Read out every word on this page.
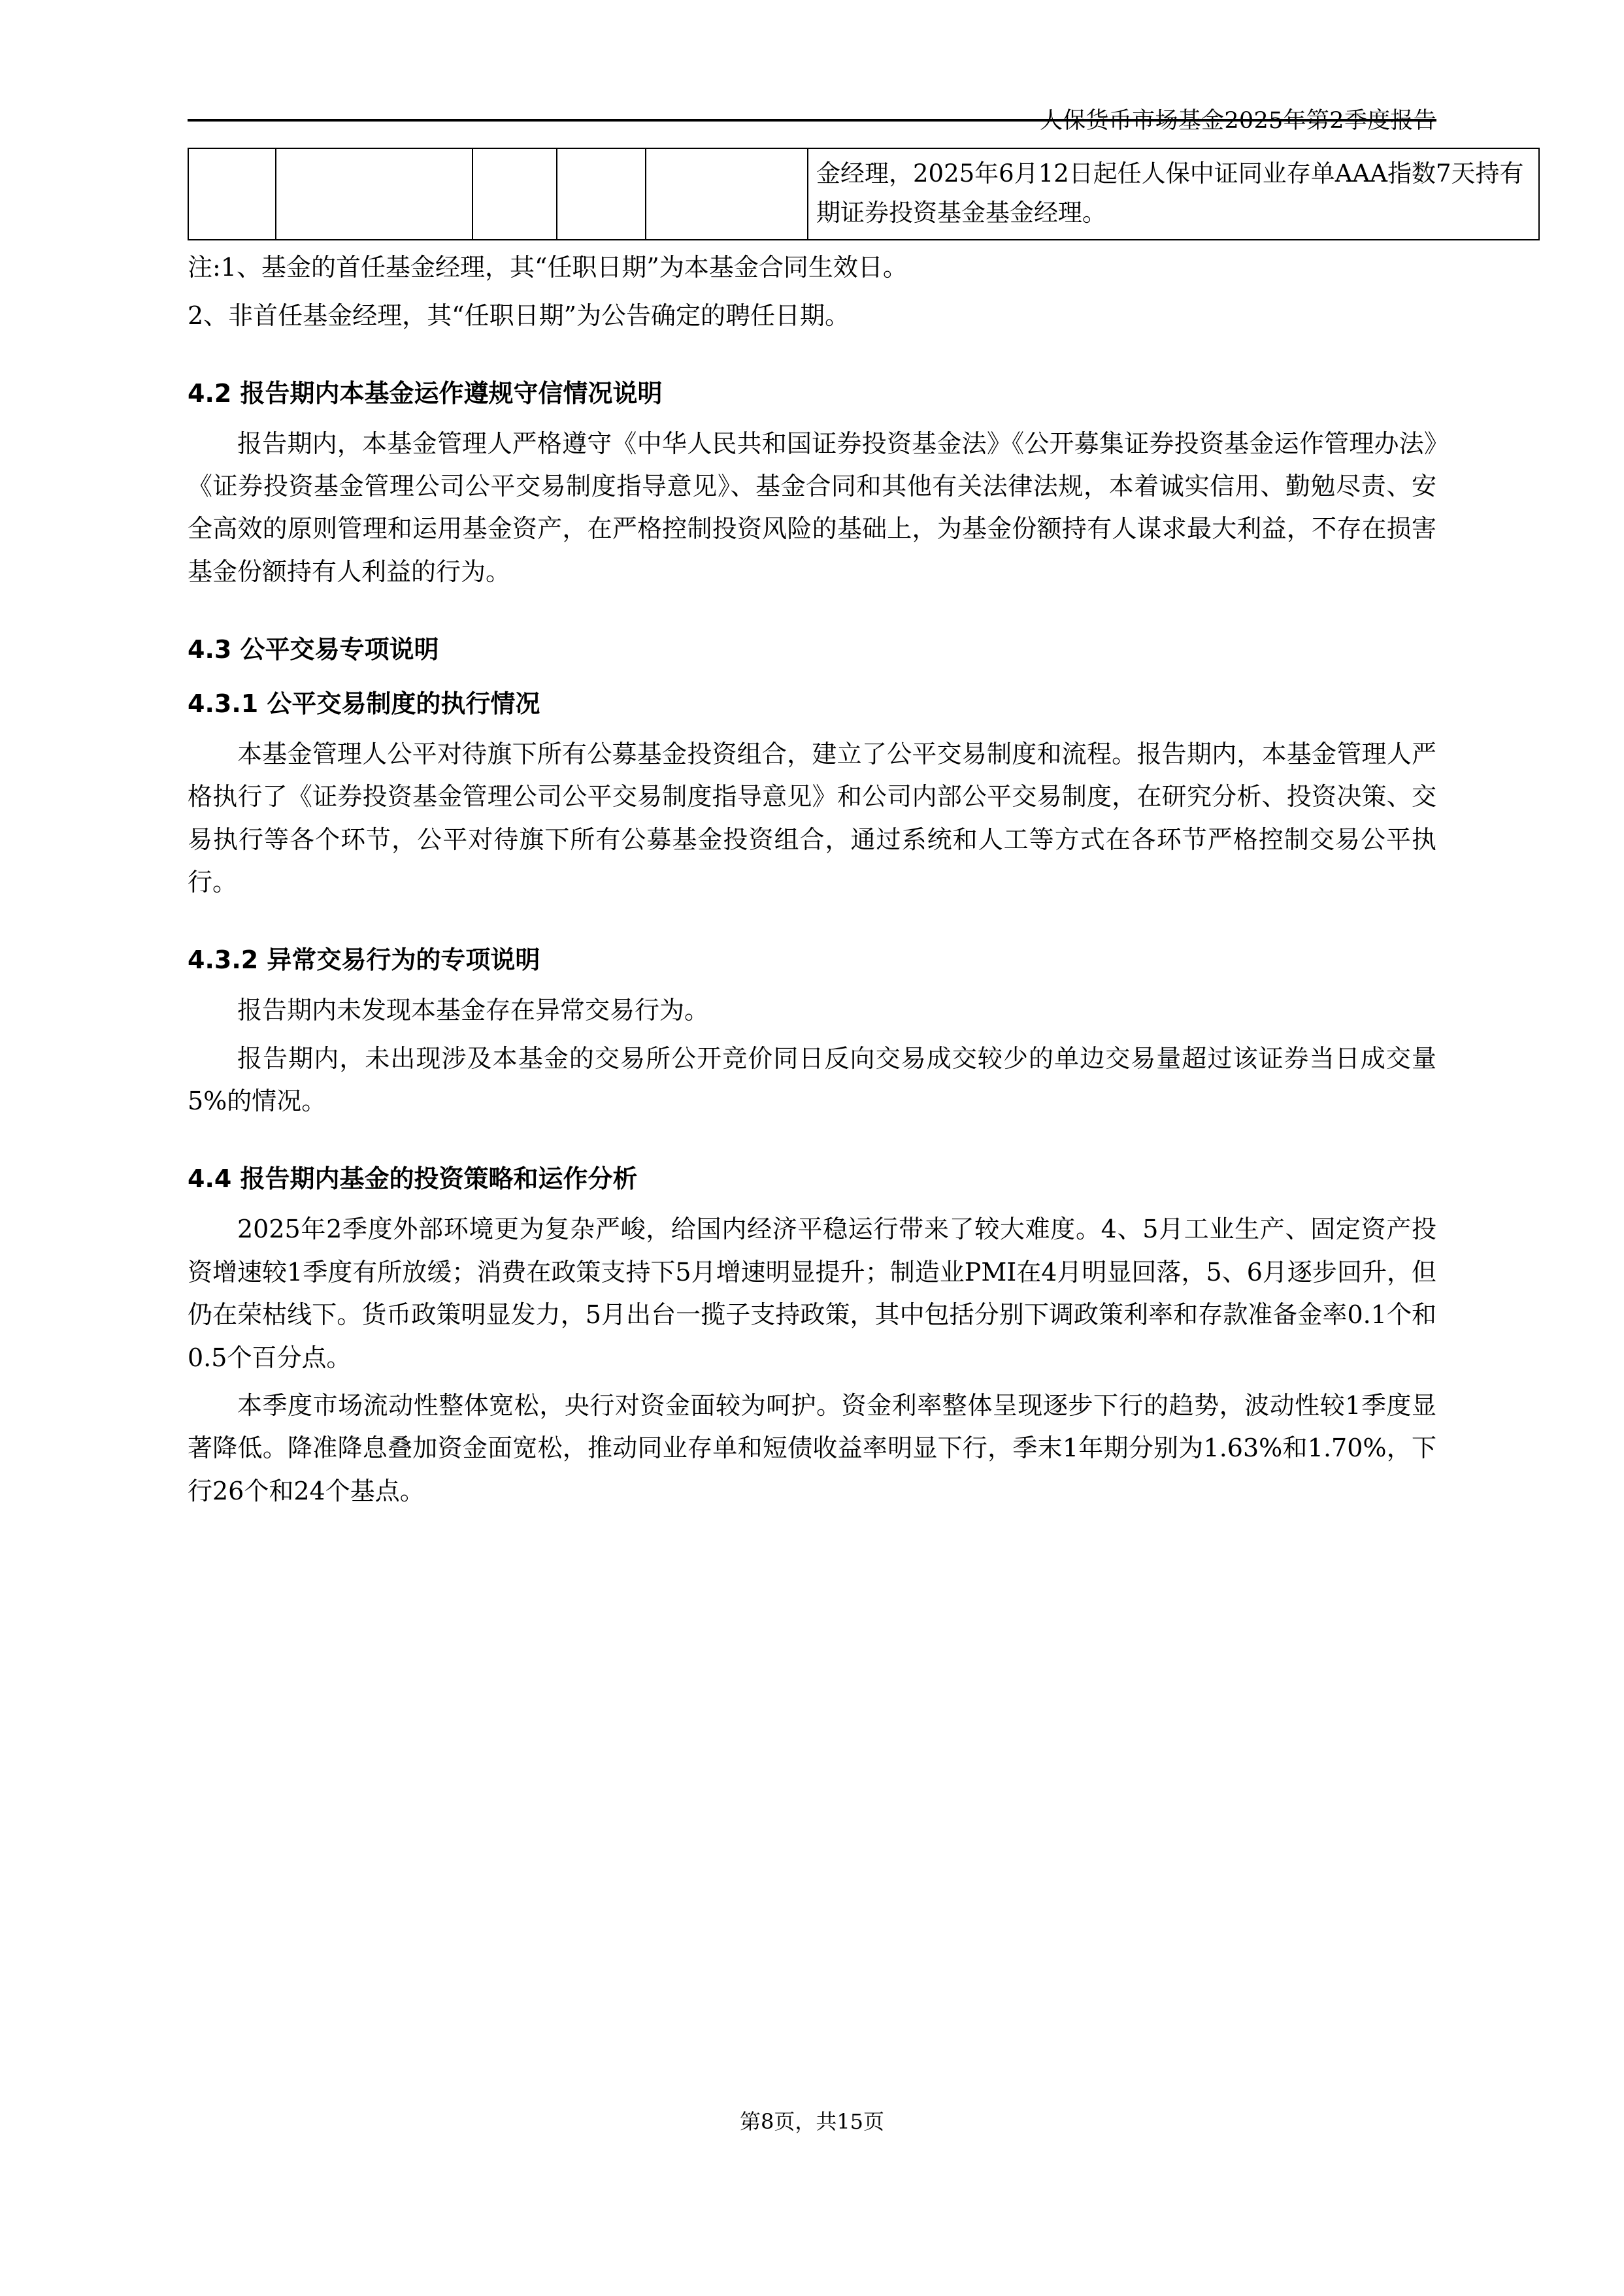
人保货币市场基金2025年第2季度报告
					金经理，2025年6月12日起任人保中证同业存单AAA指数7天持有期证券投资基金基金经理。
注:1、基金的首任基金经理，其“任职日期”为本基金合同生效日。
2、非首任基金经理，其“任职日期”为公告确定的聘任日期。
4.2 报告期内本基金运作遵规守信情况说明
报告期内，本基金管理人严格遵守《中华人民共和国证券投资基金法》《公开募集证券投资基金运作管理办法》《证券投资基金管理公司公平交易制度指导意见》、基金合同和其他有关法律法规，本着诚实信用、勤勉尽责、安全高效的原则管理和运用基金资产，在严格控制投资风险的基础上，为基金份额持有人谋求最大利益，不存在损害基金份额持有人利益的行为。
4.3 公平交易专项说明
4.3.1 公平交易制度的执行情况
本基金管理人公平对待旗下所有公募基金投资组合，建立了公平交易制度和流程。报告期内，本基金管理人严格执行了《证券投资基金管理公司公平交易制度指导意见》和公司内部公平交易制度，在研究分析、投资决策、交易执行等各个环节，公平对待旗下所有公募基金投资组合，通过系统和人工等方式在各环节严格控制交易公平执行。
4.3.2 异常交易行为的专项说明
报告期内未发现本基金存在异常交易行为。
报告期内，未出现涉及本基金的交易所公开竞价同日反向交易成交较少的单边交易量超过该证券当日成交量5%的情况。
4.4 报告期内基金的投资策略和运作分析
2025年2季度外部环境更为复杂严峻，给国内经济平稳运行带来了较大难度。4、5月工业生产、固定资产投资增速较1季度有所放缓；消费在政策支持下5月增速明显提升；制造业PMI在4月明显回落，5、6月逐步回升，但仍在荣枯线下。货币政策明显发力，5月出台一揽子支持政策，其中包括分别下调政策利率和存款准备金率0.1个和0.5个百分点。
本季度市场流动性整体宽松，央行对资金面较为呵护。资金利率整体呈现逐步下行的趋势，波动性较1季度显著降低。降准降息叠加资金面宽松，推动同业存单和短债收益率明显下行，季末1年期分别为1.63%和1.70%，下行26个和24个基点。
第8页，共15页
